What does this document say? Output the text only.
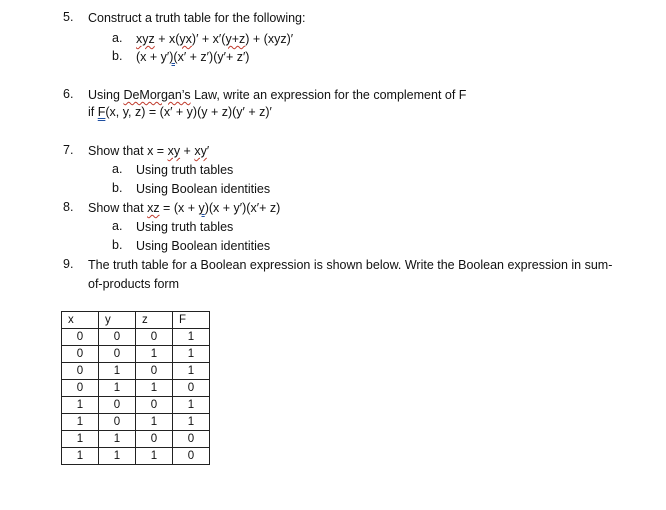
5. Construct a truth table for the following:
a. xyz + x(yx)′ + x′(y+z) + (xyz)′
b. (x + y′)(x′ + z′)(y′+ z′)
6. Using DeMorgan’s Law, write an expression for the complement of F
if F(x, y, z) = (x′ + y)(y + z)(y′ + z)′
7. Show that x = xy + xy′
a. Using truth tables
b. Using Boolean identities
8. Show that xz = (x + y)(x + y′)(x′+ z)
a. Using truth tables
b. Using Boolean identities
9. The truth table for a Boolean expression is shown below. Write the Boolean expression in sum-
of-products form
x	y	z	F
0	0	0	1
0	0	1	1
0	1	0	1
0	1	1	0
1	0	0	1
1	0	1	1
1	1	0	0
1	1	1	0
